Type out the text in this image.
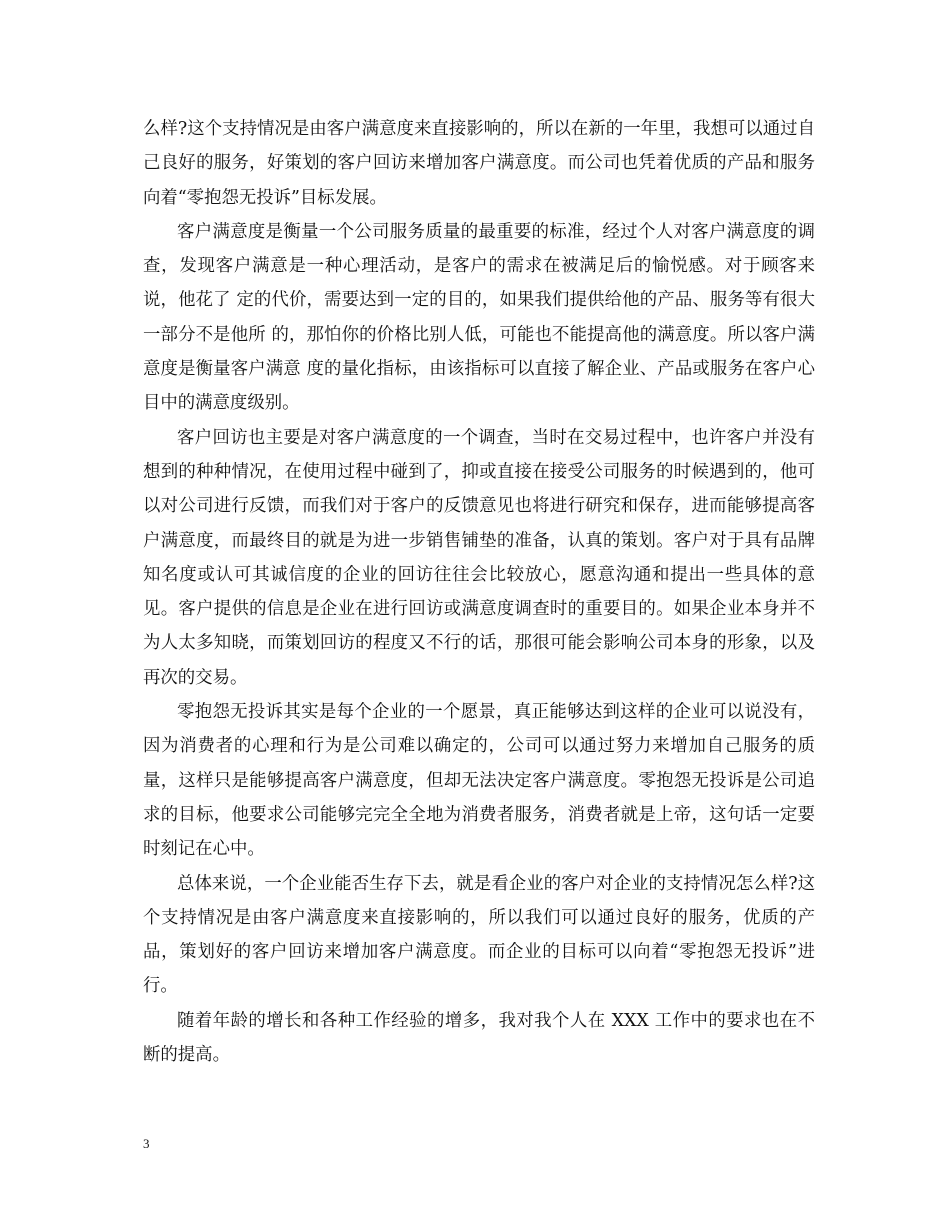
么样?这个支持情况是由客户满意度来直接影响的，所以在新的一年里，我想可以通过自己良好的服务，好策划的客户回访来增加客户满意度。而公司也凭着优质的产品和服务向着“零抱怨无投诉”目标发展。

客户满意度是衡量一个公司服务质量的最重要的标准，经过个人对客户满意度的调查，发现客户满意是一种心理活动，是客户的需求在被满足后的愉悦感。对于顾客来说，他花了 定的代价，需要达到一定的目的，如果我们提供给他的产品、服务等有很大一部分不是他所 的，那怕你的价格比别人低，可能也不能提高他的满意度。所以客户满意度是衡量客户满意 度的量化指标，由该指标可以直接了解企业、产品或服务在客户心目中的满意度级别。

客户回访也主要是对客户满意度的一个调查，当时在交易过程中，也许客户并没有想到的种种情况，在使用过程中碰到了，抑或直接在接受公司服务的时候遇到的，他可以对公司进行反馈，而我们对于客户的反馈意见也将进行研究和保存，进而能够提高客户满意度，而最终目的就是为进一步销售铺垫的准备，认真的策划。客户对于具有品牌知名度或认可其诚信度的企业的回访往往会比较放心，愿意沟通和提出一些具体的意见。客户提供的信息是企业在进行回访或满意度调查时的重要目的。如果企业本身并不为人太多知晓，而策划回访的程度又不行的话，那很可能会影响公司本身的形象，以及再次的交易。

零抱怨无投诉其实是每个企业的一个愿景，真正能够达到这样的企业可以说没有，因为消费者的心理和行为是公司难以确定的，公司可以通过努力来增加自己服务的质量，这样只是能够提高客户满意度，但却无法决定客户满意度。零抱怨无投诉是公司追求的目标，他要求公司能够完完全全地为消费者服务，消费者就是上帝，这句话一定要时刻记在心中。

总体来说，一个企业能否生存下去，就是看企业的客户对企业的支持情况怎么样?这个支持情况是由客户满意度来直接影响的，所以我们可以通过良好的服务，优质的产品，策划好的客户回访来增加客户满意度。而企业的目标可以向着“零抱怨无投诉”进行。

随着年龄的增长和各种工作经验的增多，我对我个人在 XXX 工作中的要求也在不断的提高。

3
